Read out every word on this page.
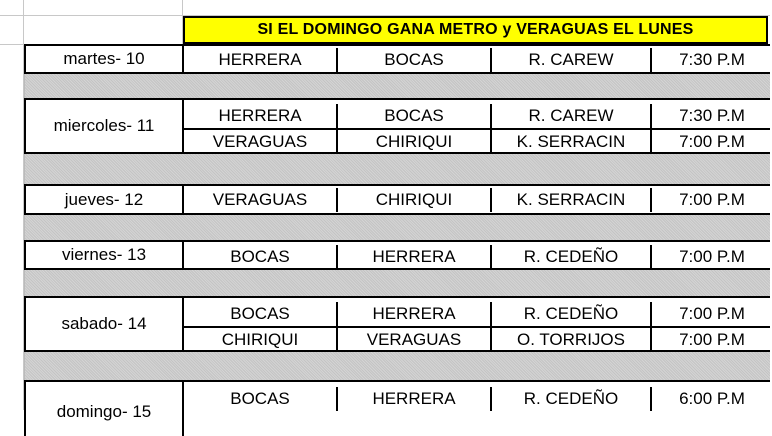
SI EL DOMINGO GANA METRO y VERAGUAS EL LUNES
martes- 10	HERRERA	BOCAS	R. CAREW	7:30 P.M
miercoles- 11
HERRERA	BOCAS	R. CAREW	7:30 P.M
VERAGUAS	CHIRIQUI	K. SERRACIN	7:00 P.M
jueves- 12	VERAGUAS	CHIRIQUI	K. SERRACIN	7:00 P.M
viernes- 13	BOCAS	HERRERA	R. CEDEÑO	7:00 P.M
sabado- 14
BOCAS	HERRERA	R. CEDEÑO	7:00 P.M
CHIRIQUI	VERAGUAS	O. TORRIJOS	7:00 P.M
domingo- 15
BOCAS	HERRERA	R. CEDEÑO	6:00 P.M
